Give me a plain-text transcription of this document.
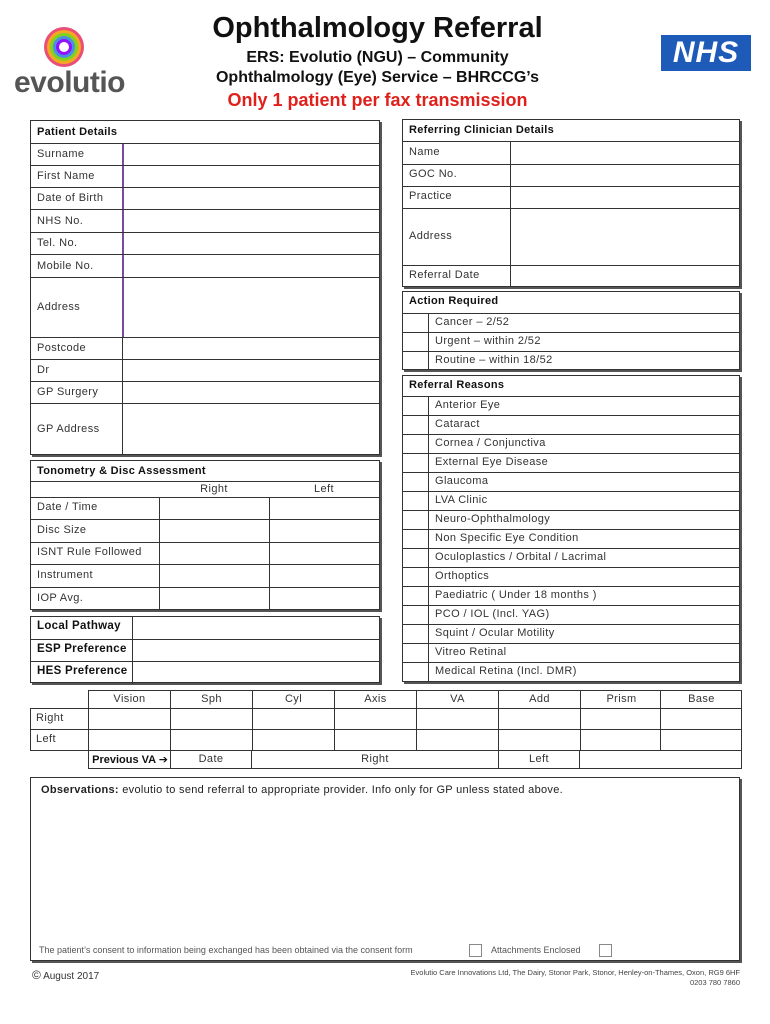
evolutio
Ophthalmology Referral
ERS: Evolutio (NGU) – Community
Ophthalmology (Eye) Service – BHRCCG’s
Only 1 patient per fax transmission
NHS
Patient Details
Surname
First Name
Date of Birth
NHS No.
Tel. No.
Mobile No.
Address
Postcode
Dr
GP Surgery
GP Address
Referring Clinician Details
Name
GOC No.
Practice
Address
Referral Date
Action Required
Cancer – 2/52
Urgent – within 2/52
Routine – within 18/52
Referral Reasons
Anterior Eye
Cataract
Cornea / Conjunctiva
External Eye Disease
Glaucoma
LVA Clinic
Neuro-Ophthalmology
Non Specific Eye Condition
Oculoplastics / Orbital / Lacrimal
Orthoptics
Paediatric ( Under 18 months )
PCO / IOL (Incl. YAG)
Squint / Ocular Motility
Vitreo Retinal
Medical Retina (Incl. DMR)
Tonometry & Disc Assessment
Right	Left
Date / Time
Disc Size
ISNT Rule Followed
Instrument
IOP Avg.
Local Pathway
ESP Preference
HES Preference
Vision	Sph	Cyl	Axis	VA	Add	Prism	Base
Right
Left
Previous VA ➔	Date	Right	Left
Observations: evolutio to send referral to appropriate provider. Info only for GP unless stated above.
The patient’s consent to information being exchanged has been obtained via the consent form	Attachments Enclosed
© August 2017	Evolutio Care Innovations Ltd, The Dairy, Stonor Park, Stonor, Henley-on-Thames, Oxon, RG9 6HF
0203 780 7860
